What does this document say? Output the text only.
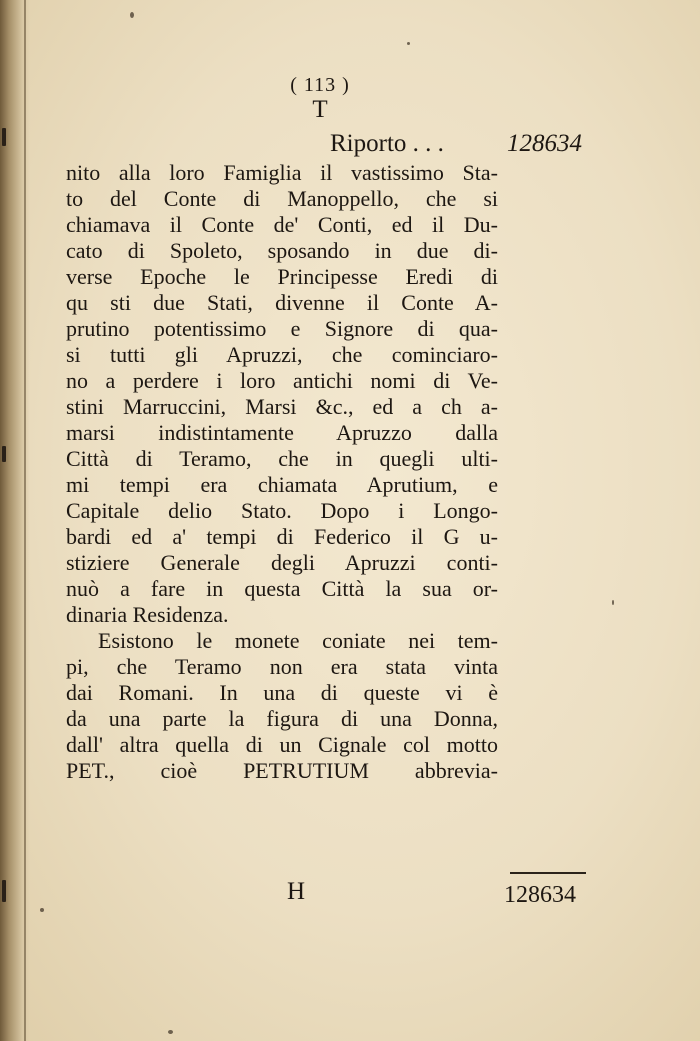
( 113 )
T
Riporto . . .	128634
nito alla loro Famiglia il vastissimo Sta-
to del Conte di Manoppello, che si
chiamava il Conte de' Conti, ed il Du-
cato di Spoleto, sposando in due di-
verse Epoche le Principesse Eredi di
qu sti due Stati, divenne il Conte A-
prutino potentissimo e Signore di qua-
si tutti gli Apruzzi, che cominciaro-
no a perdere i loro antichi nomi di Ve-
stini Marruccini, Marsi &c., ed a ch a-
marsi indistintamente Apruzzo dalla
Città di Teramo, che in quegli ulti-
mi tempi era chiamata Aprutium, e
Capitale delio Stato. Dopo i Longo-
bardi ed a' tempi di Federico il G u-
stiziere Generale degli Apruzzi conti-
nuò a fare in questa Città la sua or-
dinaria Residenza.
Esistono le monete coniate nei tem-
pi, che Teramo non era stata vinta
dai Romani. In una di queste vi è
da una parte la figura di una Donna,
dall' altra quella di un Cignale col motto
PET., cioè PETRUTIUM abbrevia-
H	128634
